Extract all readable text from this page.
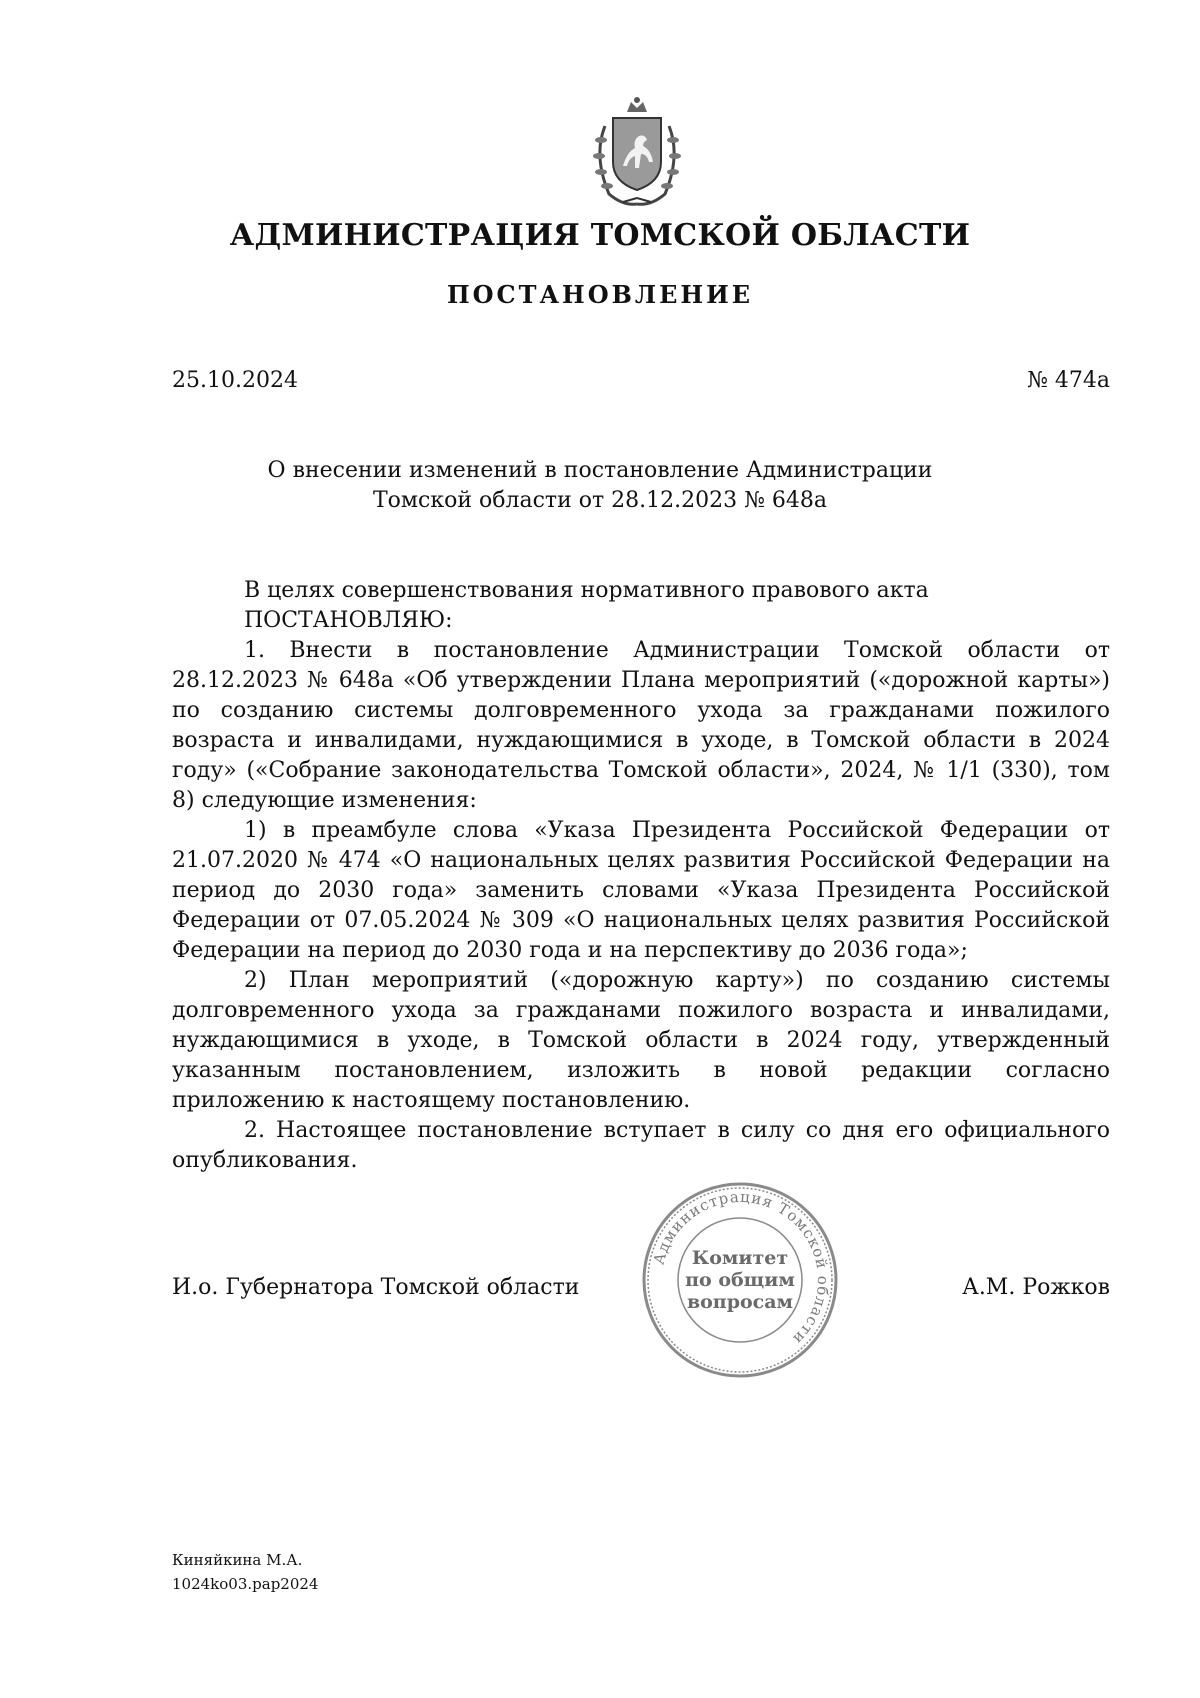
АДМИНИСТРАЦИЯ ТОМСКОЙ ОБЛАСТИ
ПОСТАНОВЛЕНИЕ
25.10.2024	№ 474а
О внесении изменений в постановление Администрации
Томской области от 28.12.2023 № 648а

В целях совершенствования нормативного правового акта

ПОСТАНОВЛЯЮ:

1. Внести в постановление Администрации Томской области от 28.12.2023 № 648а «Об утверждении Плана мероприятий («дорожной карты») по созданию системы долговременного ухода за гражданами пожилого возраста и инвалидами, нуждающимися в уходе, в Томской области в 2024 году» («Собрание законодательства Томской области», 2024, № 1/1 (330), том 8) следующие изменения:

1) в преамбуле слова «Указа Президента Российской Федерации от 21.07.2020 № 474 «О национальных целях развития Российской Федерации на период до 2030 года» заменить словами «Указа Президента Российской Федерации от 07.05.2024 № 309 «О национальных целях развития Российской Федерации на период до 2030 года и на перспективу до 2036 года»;

2) План мероприятий («дорожную карту») по созданию системы долговременного ухода за гражданами пожилого возраста и инвалидами, нуждающимися в уходе, в Томской области в 2024 году, утвержденный указанным постановлением, изложить в новой редакции согласно приложению к настоящему постановлению.

2. Настоящее постановление вступает в силу со дня его официального опубликования.

И.о. Губернатора Томской области	А.М. Рожков
Администрация Томской области
Комитет
по общим
вопросам
Киняйкина М.А.
1024ko03.pap2024
